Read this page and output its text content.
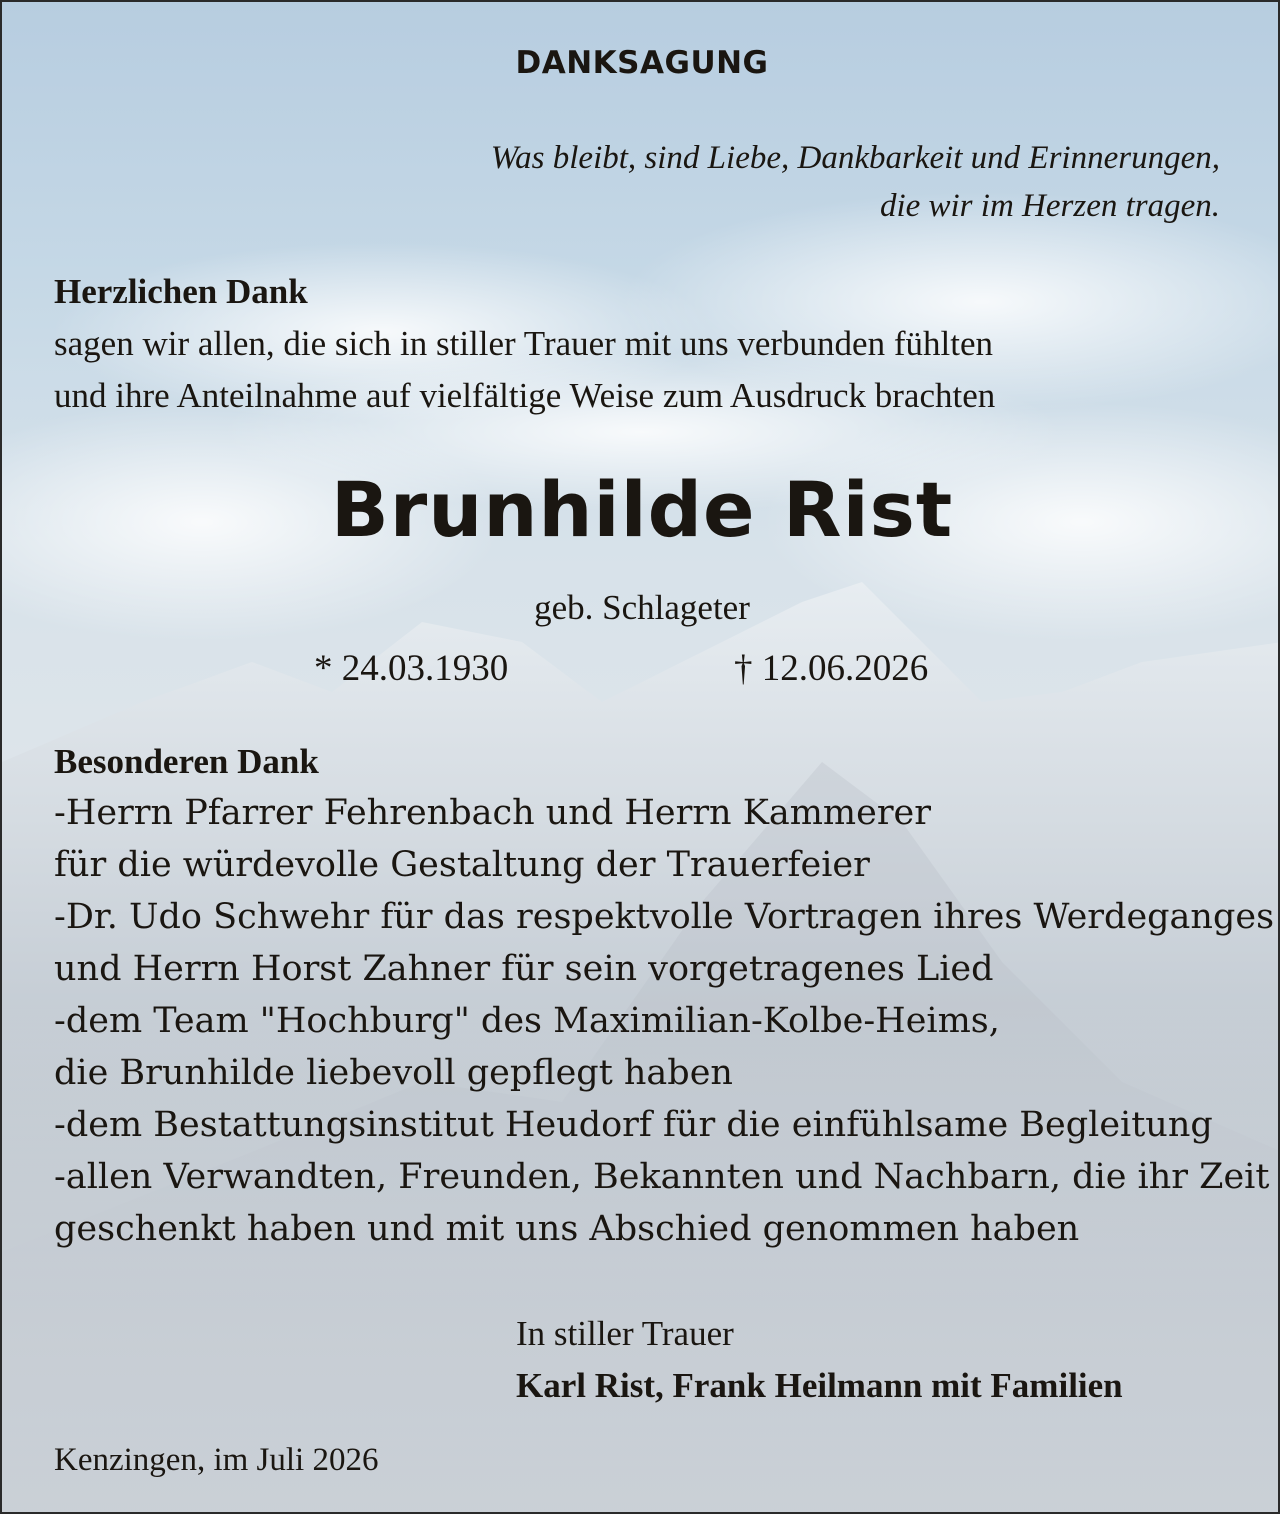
DANKSAGUNG

Was bleibt, sind Liebe, Dankbarkeit und Erinnerungen,

die wir im Herzen tragen.

Herzlichen Dank

sagen wir allen, die sich in stiller Trauer mit uns verbunden fühlten

und ihre Anteilnahme auf vielfältige Weise zum Ausdruck brachten

Brunhilde Rist

geb. Schlageter

* 24.03.1930	† 12.06.2026

Besonderen Dank

-Herrn Pfarrer Fehrenbach und Herrn Kammerer
für die würdevolle Gestaltung der Trauerfeier
-Dr. Udo Schwehr für das respektvolle Vortragen ihres Werdeganges
und Herrn Horst Zahner für sein vorgetragenes Lied
-dem Team "Hochburg" des Maximilian-Kolbe-Heims,
die Brunhilde liebevoll gepflegt haben
-dem Bestattungsinstitut Heudorf für die einfühlsame Begleitung
-allen Verwandten, Freunden, Bekannten und Nachbarn, die ihr Zeit
geschenkt haben und mit uns Abschied genommen haben

In stiller Trauer

Karl Rist, Frank Heilmann mit Familien

Kenzingen, im Juli 2026
